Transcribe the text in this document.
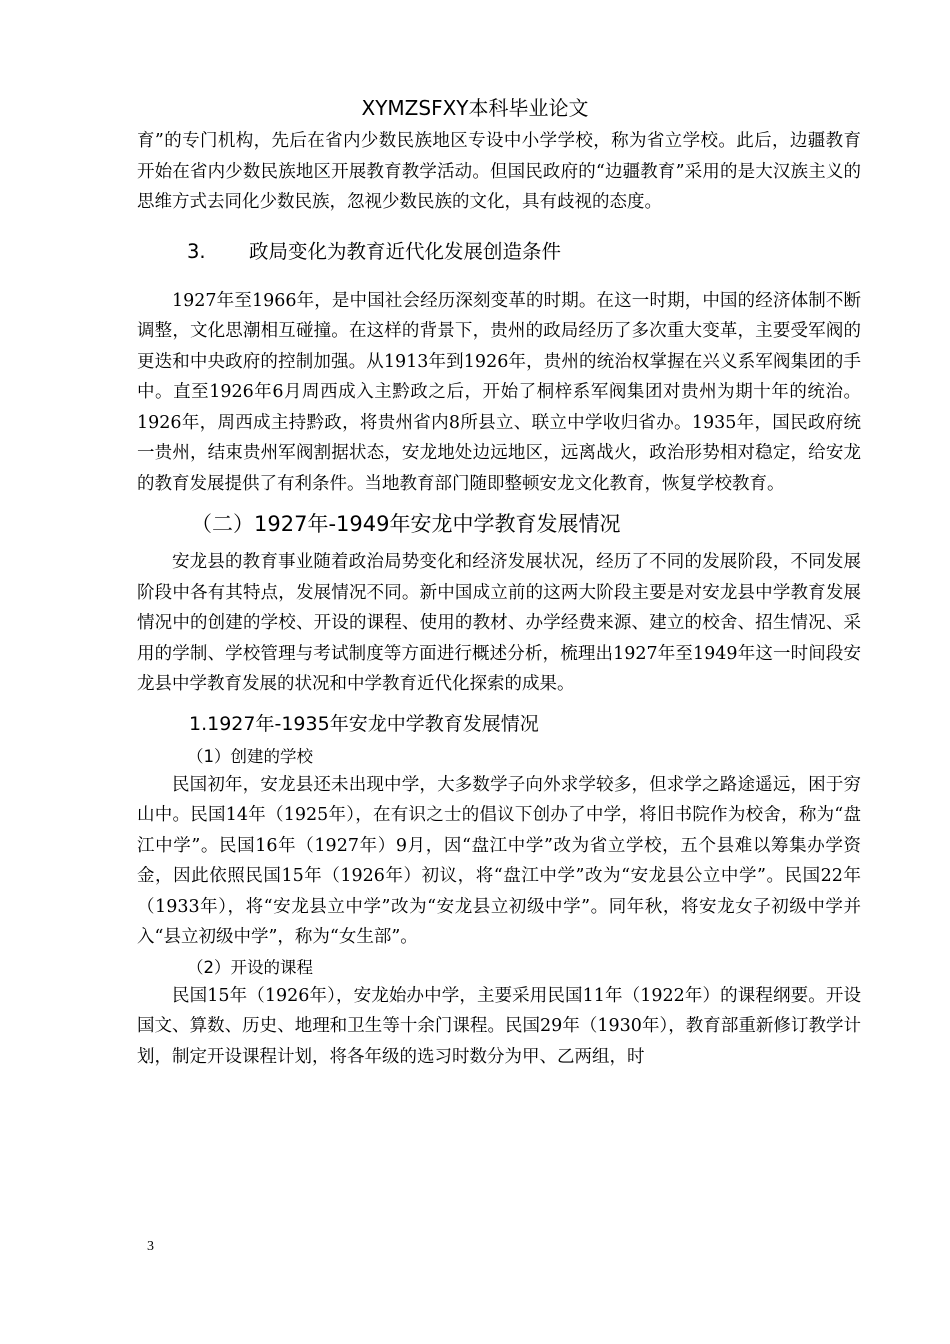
XYMZSFXY本科毕业论文

育”的专门机构，先后在省内少数民族地区专设中小学学校，称为省立学校。此后，边疆教育开始在省内少数民族地区开展教育教学活动。但国民政府的“边疆教育”采用的是大汉族主义的思维方式去同化少数民族，忽视少数民族的文化，具有歧视的态度。

3. 政局变化为教育近代化发展创造条件

1927年至1966年，是中国社会经历深刻变革的时期。在这一时期，中国的经济体制不断调整，文化思潮相互碰撞。在这样的背景下，贵州的政局经历了多次重大变革，主要受军阀的更迭和中央政府的控制加强。从1913年到1926年，贵州的统治权掌握在兴义系军阀集团的手中。直至1926年6月周西成入主黔政之后，开始了桐梓系军阀集团对贵州为期十年的统治。1926年，周西成主持黔政，将贵州省内8所县立、联立中学收归省办。1935年，国民政府统一贵州，结束贵州军阀割据状态，安龙地处边远地区，远离战火，政治形势相对稳定，给安龙的教育发展提供了有利条件。当地教育部门随即整顿安龙文化教育，恢复学校教育。

（二）1927年-1949年安龙中学教育发展情况

安龙县的教育事业随着政治局势变化和经济发展状况，经历了不同的发展阶段，不同发展阶段中各有其特点，发展情况不同。新中国成立前的这两大阶段主要是对安龙县中学教育发展情况中的创建的学校、开设的课程、使用的教材、办学经费来源、建立的校舍、招生情况、采用的学制、学校管理与考试制度等方面进行概述分析，梳理出1927年至1949年这一时间段安龙县中学教育发展的状况和中学教育近代化探索的成果。

1.1927年-1935年安龙中学教育发展情况
（1）创建的学校

民国初年，安龙县还未出现中学，大多数学子向外求学较多，但求学之路途遥远，困于穷山中。民国14年（1925年），在有识之士的倡议下创办了中学，将旧书院作为校舍，称为“盘江中学”。民国16年（1927年）9月，因“盘江中学”改为省立学校，五个县难以筹集办学资金，因此依照民国15年（1926年）初议，将“盘江中学”改为“安龙县公立中学”。民国22年（1933年），将“安龙县立中学”改为“安龙县立初级中学”。同年秋，将安龙女子初级中学并入“县立初级中学”，称为“女生部”。

（2）开设的课程

民国15年（1926年），安龙始办中学，主要采用民国11年（1922年）的课程纲要。开设国文、算数、历史、地理和卫生等十余门课程。民国29年（1930年），教育部重新修订教学计划，制定开设课程计划，将各年级的选习时数分为甲、乙两组，时

3
